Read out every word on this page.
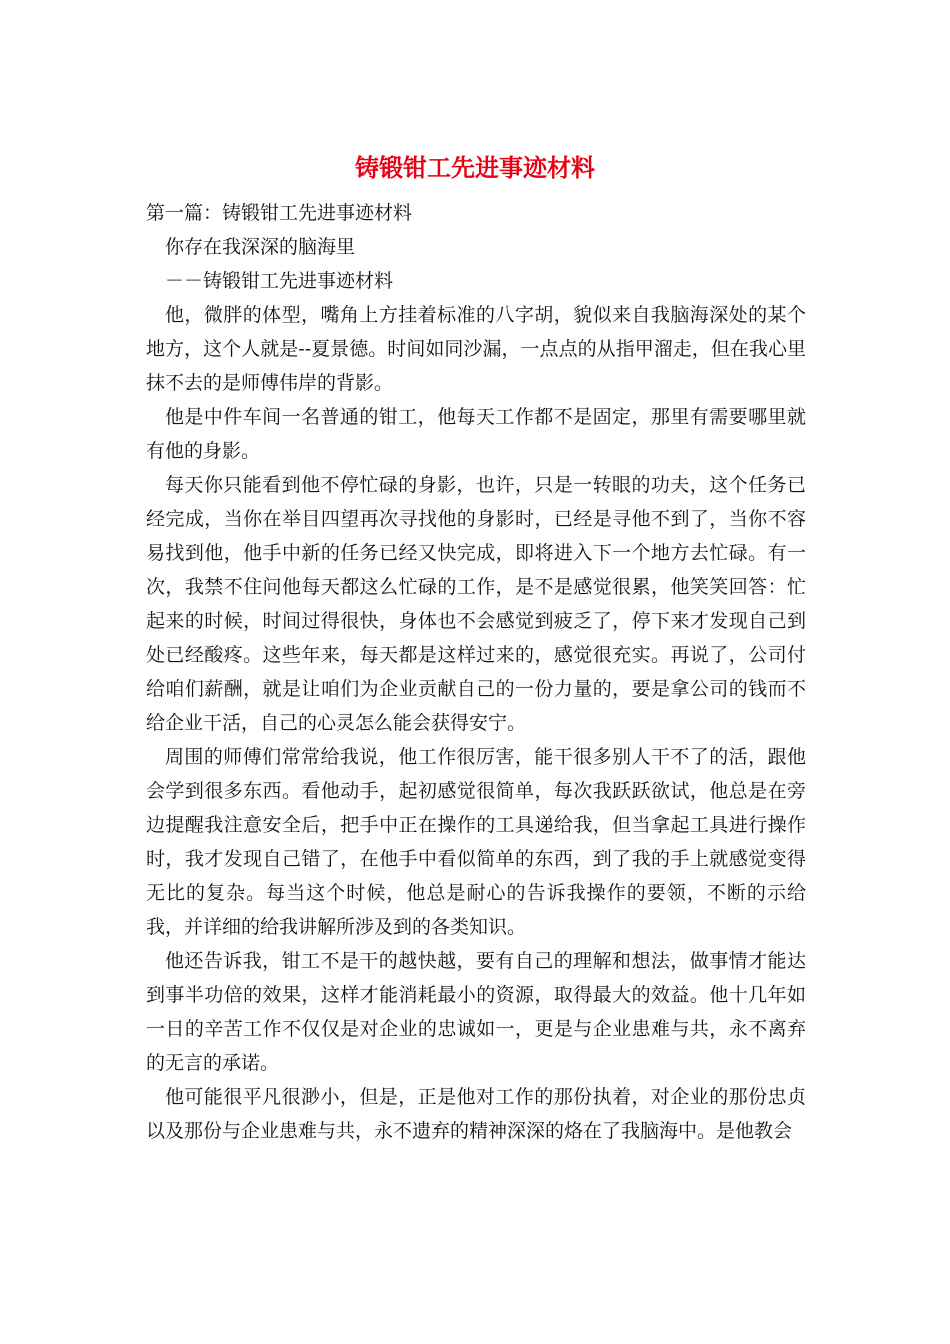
铸锻钳工先进事迹材料

第一篇：铸锻钳工先进事迹材料

你存在我深深的脑海里

－－铸锻钳工先进事迹材料

他，微胖的体型，嘴角上方挂着标准的八字胡，貌似来自我脑海深处的某个地方，这个人就是--夏景德。时间如同沙漏，一点点的从指甲溜走，但在我心里抹不去的是师傅伟岸的背影。

他是中件车间一名普通的钳工，他每天工作都不是固定，那里有需要哪里就有他的身影。

每天你只能看到他不停忙碌的身影，也许，只是一转眼的功夫，这个任务已经完成，当你在举目四望再次寻找他的身影时，已经是寻他不到了，当你不容易找到他，他手中新的任务已经又快完成，即将进入下一个地方去忙碌。有一次，我禁不住问他每天都这么忙碌的工作，是不是感觉很累，他笑笑回答：忙起来的时候，时间过得很快，身体也不会感觉到疲乏了，停下来才发现自己到处已经酸疼。这些年来，每天都是这样过来的，感觉很充实。再说了，公司付给咱们薪酬，就是让咱们为企业贡献自己的一份力量的，要是拿公司的钱而不给企业干活，自己的心灵怎么能会获得安宁。

周围的师傅们常常给我说，他工作很厉害，能干很多别人干不了的活，跟他会学到很多东西。看他动手，起初感觉很简单，每次我跃跃欲试，他总是在旁边提醒我注意安全后，把手中正在操作的工具递给我，但当拿起工具进行操作时，我才发现自己错了，在他手中看似简单的东西，到了我的手上就感觉变得无比的复杂。每当这个时候，他总是耐心的告诉我操作的要领，不断的示给我，并详细的给我讲解所涉及到的各类知识。

他还告诉我，钳工不是干的越快越，要有自己的理解和想法，做事情才能达到事半功倍的效果，这样才能消耗最小的资源，取得最大的效益。他十几年如一日的辛苦工作不仅仅是对企业的忠诚如一，更是与企业患难与共，永不离弃的无言的承诺。

他可能很平凡很渺小，但是，正是他对工作的那份执着，对企业的那份忠贞以及那份与企业患难与共，永不遗弃的精神深深的烙在了我脑海中。是他教会
